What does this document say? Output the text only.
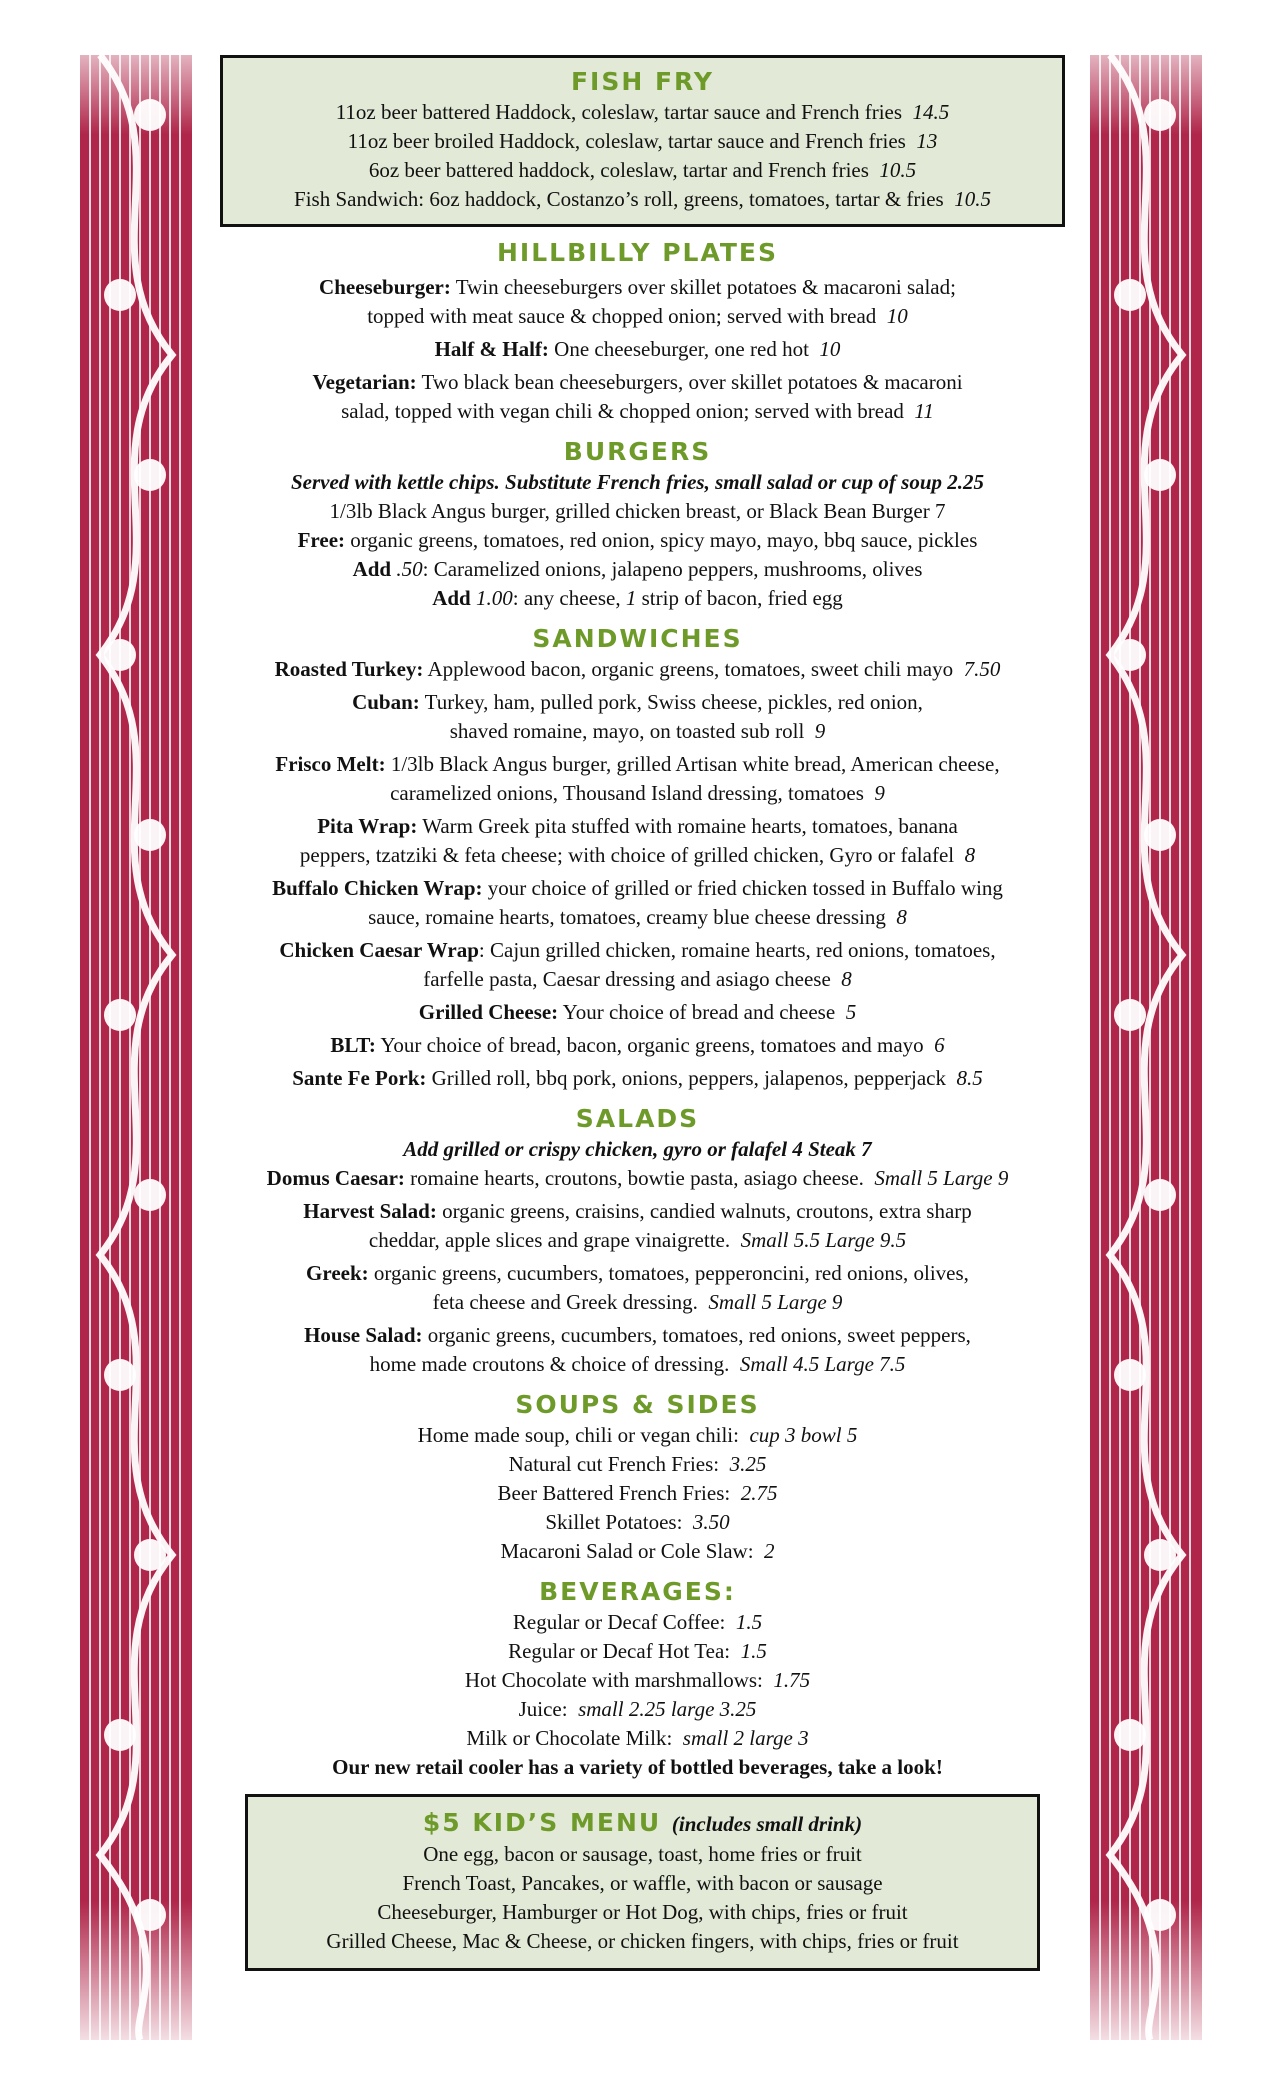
FISH FRY
11oz beer battered Haddock, coleslaw, tartar sauce and French fries 14.5
11oz beer broiled Haddock, coleslaw, tartar sauce and French fries 13
6oz beer battered haddock, coleslaw, tartar and French fries 10.5
Fish Sandwich: 6oz haddock, Costanzo’s roll, greens, tomatoes, tartar & fries 10.5
HILLBILLY PLATES
Cheeseburger: Twin cheeseburgers over skillet potatoes & macaroni salad;
topped with meat sauce & chopped onion; served with bread 10
Half & Half: One cheeseburger, one red hot 10
Vegetarian: Two black bean cheeseburgers, over skillet potatoes & macaroni
salad, topped with vegan chili & chopped onion; served with bread 11
BURGERS
Served with kettle chips. Substitute French fries, small salad or cup of soup 2.25
1/3lb Black Angus burger, grilled chicken breast, or Black Bean Burger 7
Free: organic greens, tomatoes, red onion, spicy mayo, mayo, bbq sauce, pickles
Add .50: Caramelized onions, jalapeno peppers, mushrooms, olives
Add 1.00: any cheese, 1 strip of bacon, fried egg
SANDWICHES
Roasted Turkey: Applewood bacon, organic greens, tomatoes, sweet chili mayo 7.50
Cuban: Turkey, ham, pulled pork, Swiss cheese, pickles, red onion,
shaved romaine, mayo, on toasted sub roll 9
Frisco Melt: 1/3lb Black Angus burger, grilled Artisan white bread, American cheese,
caramelized onions, Thousand Island dressing, tomatoes 9
Pita Wrap: Warm Greek pita stuffed with romaine hearts, tomatoes, banana
peppers, tzatziki & feta cheese; with choice of grilled chicken, Gyro or falafel 8
Buffalo Chicken Wrap: your choice of grilled or fried chicken tossed in Buffalo wing
sauce, romaine hearts, tomatoes, creamy blue cheese dressing 8
Chicken Caesar Wrap: Cajun grilled chicken, romaine hearts, red onions, tomatoes,
farfelle pasta, Caesar dressing and asiago cheese 8
Grilled Cheese: Your choice of bread and cheese 5
BLT: Your choice of bread, bacon, organic greens, tomatoes and mayo 6
Sante Fe Pork: Grilled roll, bbq pork, onions, peppers, jalapenos, pepperjack 8.5
SALADS
Add grilled or crispy chicken, gyro or falafel 4 Steak 7
Domus Caesar: romaine hearts, croutons, bowtie pasta, asiago cheese. Small 5 Large 9
Harvest Salad: organic greens, craisins, candied walnuts, croutons, extra sharp
cheddar, apple slices and grape vinaigrette. Small 5.5 Large 9.5
Greek: organic greens, cucumbers, tomatoes, pepperoncini, red onions, olives,
feta cheese and Greek dressing. Small 5 Large 9
House Salad: organic greens, cucumbers, tomatoes, red onions, sweet peppers,
home made croutons & choice of dressing. Small 4.5 Large 7.5
SOUPS & SIDES
Home made soup, chili or vegan chili: cup 3 bowl 5
Natural cut French Fries: 3.25
Beer Battered French Fries: 2.75
Skillet Potatoes: 3.50
Macaroni Salad or Cole Slaw: 2
BEVERAGES:
Regular or Decaf Coffee: 1.5
Regular or Decaf Hot Tea: 1.5
Hot Chocolate with marshmallows: 1.75
Juice: small 2.25 large 3.25
Milk or Chocolate Milk: small 2 large 3
Our new retail cooler has a variety of bottled beverages, take a look!
$5 KID’S MENU (includes small drink)
One egg, bacon or sausage, toast, home fries or fruit
French Toast, Pancakes, or waffle, with bacon or sausage
Cheeseburger, Hamburger or Hot Dog, with chips, fries or fruit
Grilled Cheese, Mac & Cheese, or chicken fingers, with chips, fries or fruit
